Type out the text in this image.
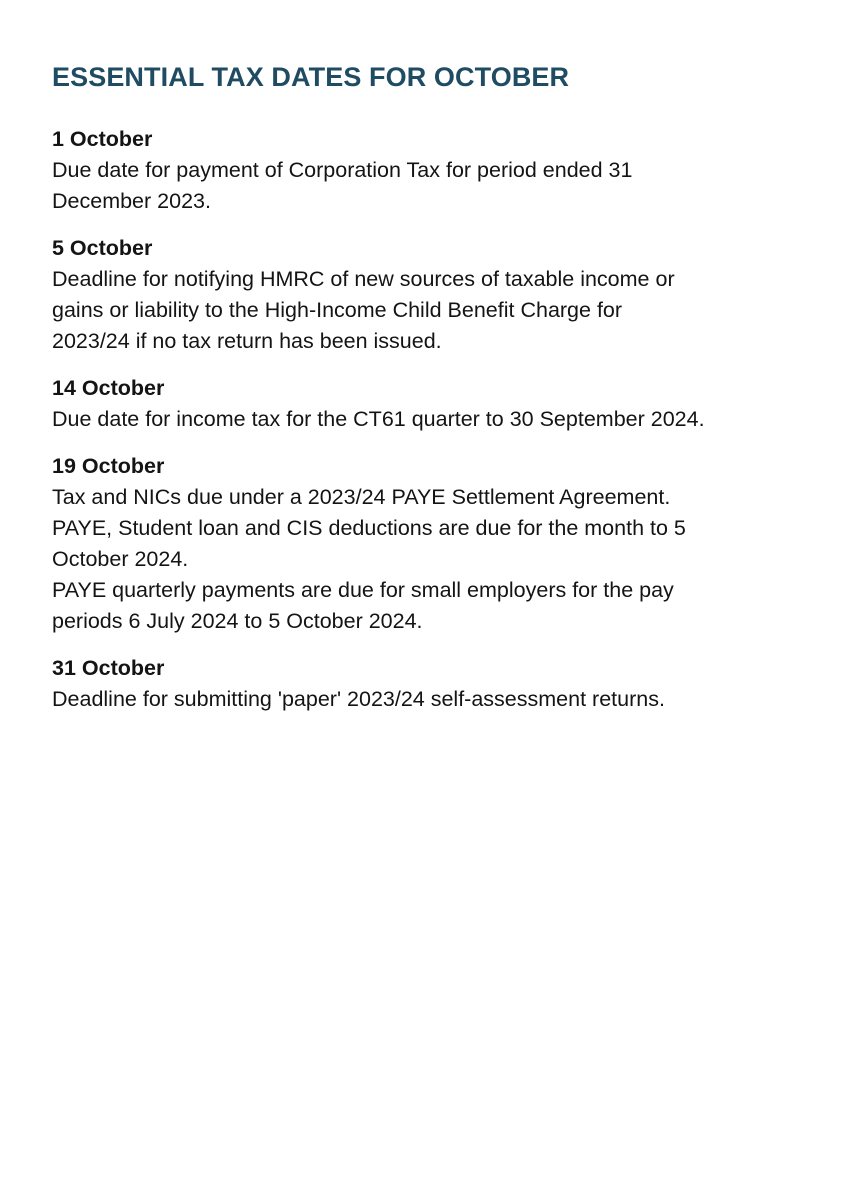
ESSENTIAL TAX DATES FOR OCTOBER
1 October
Due date for payment of Corporation Tax for period ended 31
December 2023.
5 October
Deadline for notifying HMRC of new sources of taxable income or
gains or liability to the High-Income Child Benefit Charge for
2023/24 if no tax return has been issued.
14 October
Due date for income tax for the CT61 quarter to 30 September 2024.
19 October
Tax and NICs due under a 2023/24 PAYE Settlement Agreement.
PAYE, Student loan and CIS deductions are due for the month to 5
October 2024.
PAYE quarterly payments are due for small employers for the pay
periods 6 July 2024 to 5 October 2024.
31 October
Deadline for submitting 'paper' 2023/24 self-assessment returns.
